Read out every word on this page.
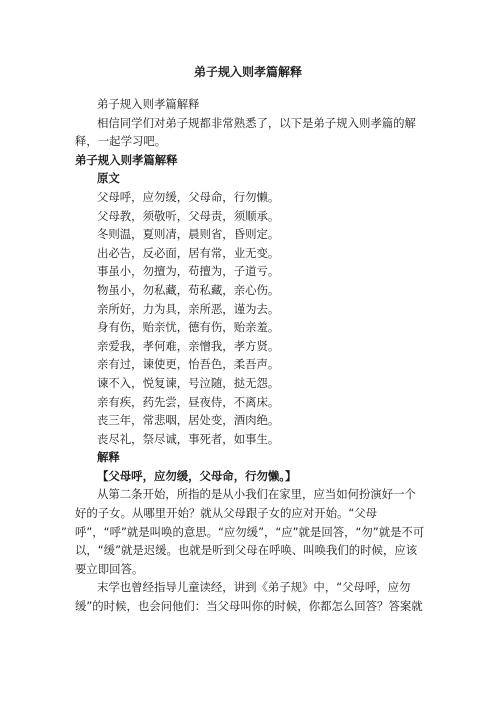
弟子规入则孝篇解释

弟子规入则孝篇解释

相信同学们对弟子规都非常熟悉了，以下是弟子规入则孝篇的解释，一起学习吧。

弟子规入则孝篇解释

原文

父母呼，应勿缓，父母命，行勿懒。

父母教，须敬听，父母责，须顺承。

冬则温，夏则凊，晨则省，昏则定。

出必告，反必面，居有常，业无变。

事虽小，勿擅为，苟擅为，子道亏。

物虽小，勿私藏，苟私藏，亲心伤。

亲所好，力为具，亲所恶，谨为去。

身有伤，贻亲忧，德有伤，贻亲羞。

亲爱我，孝何难，亲憎我，孝方贤。

亲有过，谏使更，怡吾色，柔吾声。

谏不入，悦复谏，号泣随，挞无怨。

亲有疾，药先尝，昼夜侍，不离床。

丧三年，常悲咽，居处变，酒肉绝。

丧尽礼，祭尽诚，事死者，如事生。

解释

【父母呼，应勿缓，父母命，行勿懒。】

从第二条开始，所指的是从小我们在家里，应当如何扮演好一个好的子女。从哪里开始？就从父母跟子女的应对开始。“父母呼”，“呼”就是叫唤的意思。“应勿缓”，“应”就是回答，“勿”就是不可以，“缓”就是迟缓。也就是听到父母在呼唤、叫唤我们的时候，应该要立即回答。

末学也曾经指导儿童读经，讲到《弟子规》中，“父母呼，应勿缓”的时候，也会问他们：当父母叫你的时候，你都怎么回答？答案就
